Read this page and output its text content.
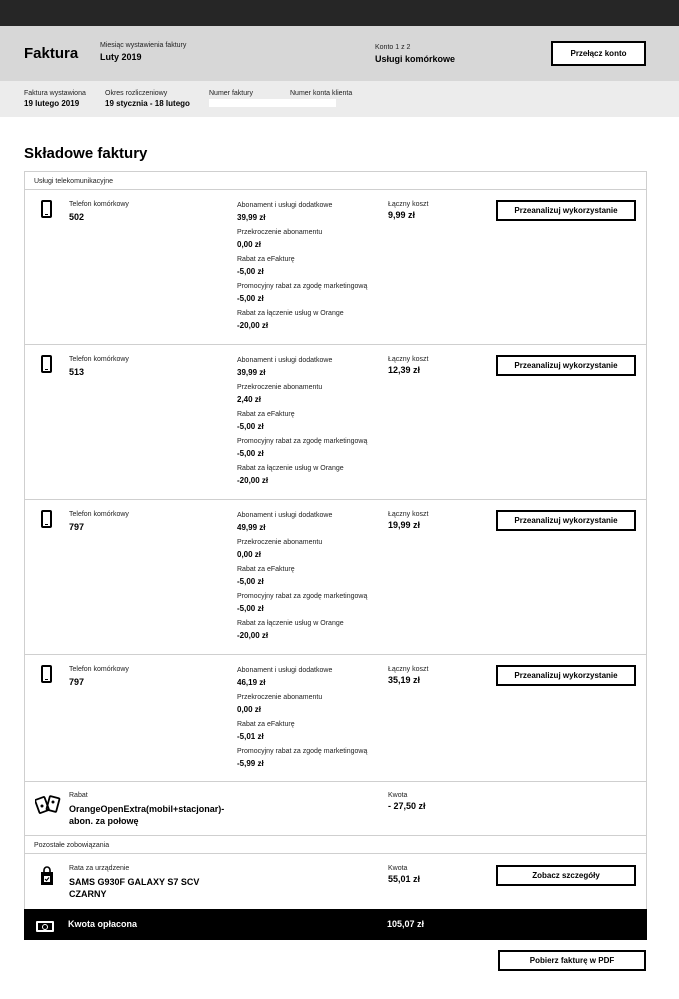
Faktura	Miesiąc wystawienia faktury
Luty 2019
Konto 1 z 2
Usługi komórkowe
Przełącz konto
Faktura wystawiona
19 lutego 2019
Okres rozliczeniowy
19 stycznia - 18 lutego
Numer faktury	Numer konta klienta
Składowe faktury
Usługi telekomunikacyjne
Telefon komórkowy
502
Abonament i usługi dodatkowe
39,99 zł
Przekroczenie abonamentu
0,00 zł
Rabat za eFakturę
-5,00 zł
Promocyjny rabat za zgodę marketingową
-5,00 zł
Rabat za łączenie usług w Orange
-20,00 zł
Łączny koszt
9,99 zł	Przeanalizuj wykorzystanie
Telefon komórkowy
513
Abonament i usługi dodatkowe
39,99 zł
Przekroczenie abonamentu
2,40 zł
Rabat za eFakturę
-5,00 zł
Promocyjny rabat za zgodę marketingową
-5,00 zł
Rabat za łączenie usług w Orange
-20,00 zł
Łączny koszt
12,39 zł	Przeanalizuj wykorzystanie
Telefon komórkowy
797
Abonament i usługi dodatkowe
49,99 zł
Przekroczenie abonamentu
0,00 zł
Rabat za eFakturę
-5,00 zł
Promocyjny rabat za zgodę marketingową
-5,00 zł
Rabat za łączenie usług w Orange
-20,00 zł
Łączny koszt
19,99 zł	Przeanalizuj wykorzystanie
Telefon komórkowy
797
Abonament i usługi dodatkowe
46,19 zł
Przekroczenie abonamentu
0,00 zł
Rabat za eFakturę
-5,01 zł
Promocyjny rabat za zgodę marketingową
-5,99 zł
Łączny koszt
35,19 zł	Przeanalizuj wykorzystanie
Rabat
OrangeOpenExtra(mobil+stacjonar)-abon. za połowę
Kwota
- 27,50 zł
Pozostałe zobowiązania
Rata za urządzenie
SAMS G930F GALAXY S7 SCV CZARNY
Kwota
55,01 zł	Zobacz szczegóły
Kwota opłacona	105,07 zł
Pobierz fakturę w PDF
